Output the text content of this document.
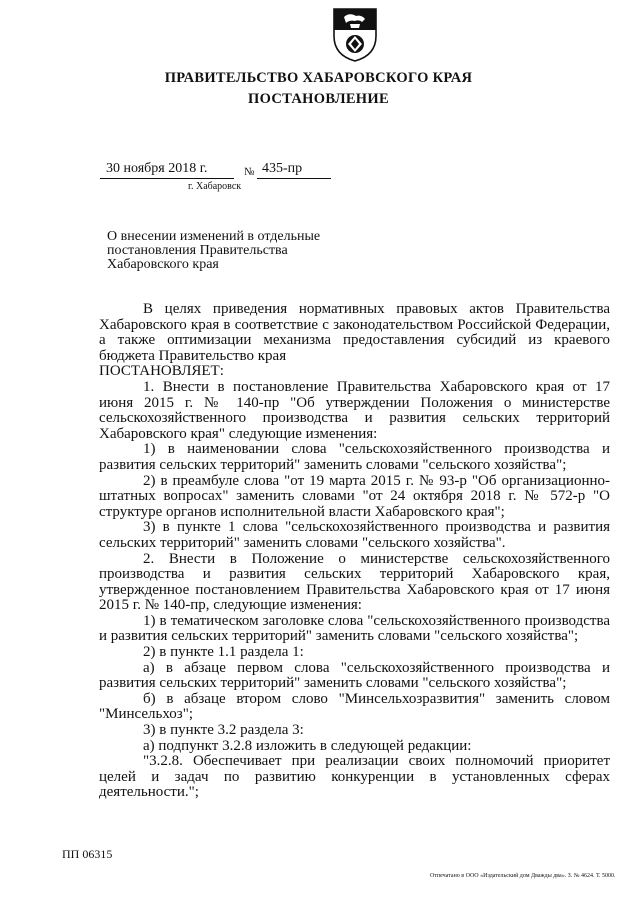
ПРАВИТЕЛЬСТВО ХАБАРОВСКОГО КРАЯ
ПОСТАНОВЛЕНИЕ
30 ноября 2018 г.	№ 435-пр
г. Хабаровск
О внесении изменений в отдельные постановления Правительства Хабаровского края

В целях приведения нормативных правовых актов Правительства Хабаровского края в соответствие с законодательством Российской Федерации, а также оптимизации механизма предоставления субсидий из краевого бюджета Правительство края

ПОСТАНОВЛЯЕТ:

1. Внести в постановление Правительства Хабаровского края от 17 июня 2015 г. № 140-пр "Об утверждении Положения о министерстве сельскохозяйственного производства и развития сельских территорий Хабаровского края" следующие изменения:

1) в наименовании слова "сельскохозяйственного производства и развития сельских территорий" заменить словами "сельского хозяйства";

2) в преамбуле слова "от 19 марта 2015 г. № 93-р "Об организационно-штатных вопросах" заменить словами "от 24 октября 2018 г. № 572-р "О структуре органов исполнительной власти Хабаровского края";

3) в пункте 1 слова "сельскохозяйственного производства и развития сельских территорий" заменить словами "сельского хозяйства".

2. Внести в Положение о министерстве сельскохозяйственного производства и развития сельских территорий Хабаровского края, утвержденное постановлением Правительства Хабаровского края от 17 июня 2015 г. № 140-пр, следующие изменения:

1) в тематическом заголовке слова "сельскохозяйственного производства и развития сельских территорий" заменить словами "сельского хозяйства";

2) в пункте 1.1 раздела 1:

а) в абзаце первом слова "сельскохозяйственного производства и развития сельских территорий" заменить словами "сельского хозяйства";

б) в абзаце втором слово "Минсельхозразвития" заменить словом "Минсельхоз";

3) в пункте 3.2 раздела 3:

а) подпункт 3.2.8 изложить в следующей редакции:

"3.2.8. Обеспечивает при реализации своих полномочий приоритет целей и задач по развитию конкуренции в установленных сферах деятельности.";

ПП 06315
Отпечатано в ООО «Издательский дом Дважды два». З. № 4624. Т. 5000.
